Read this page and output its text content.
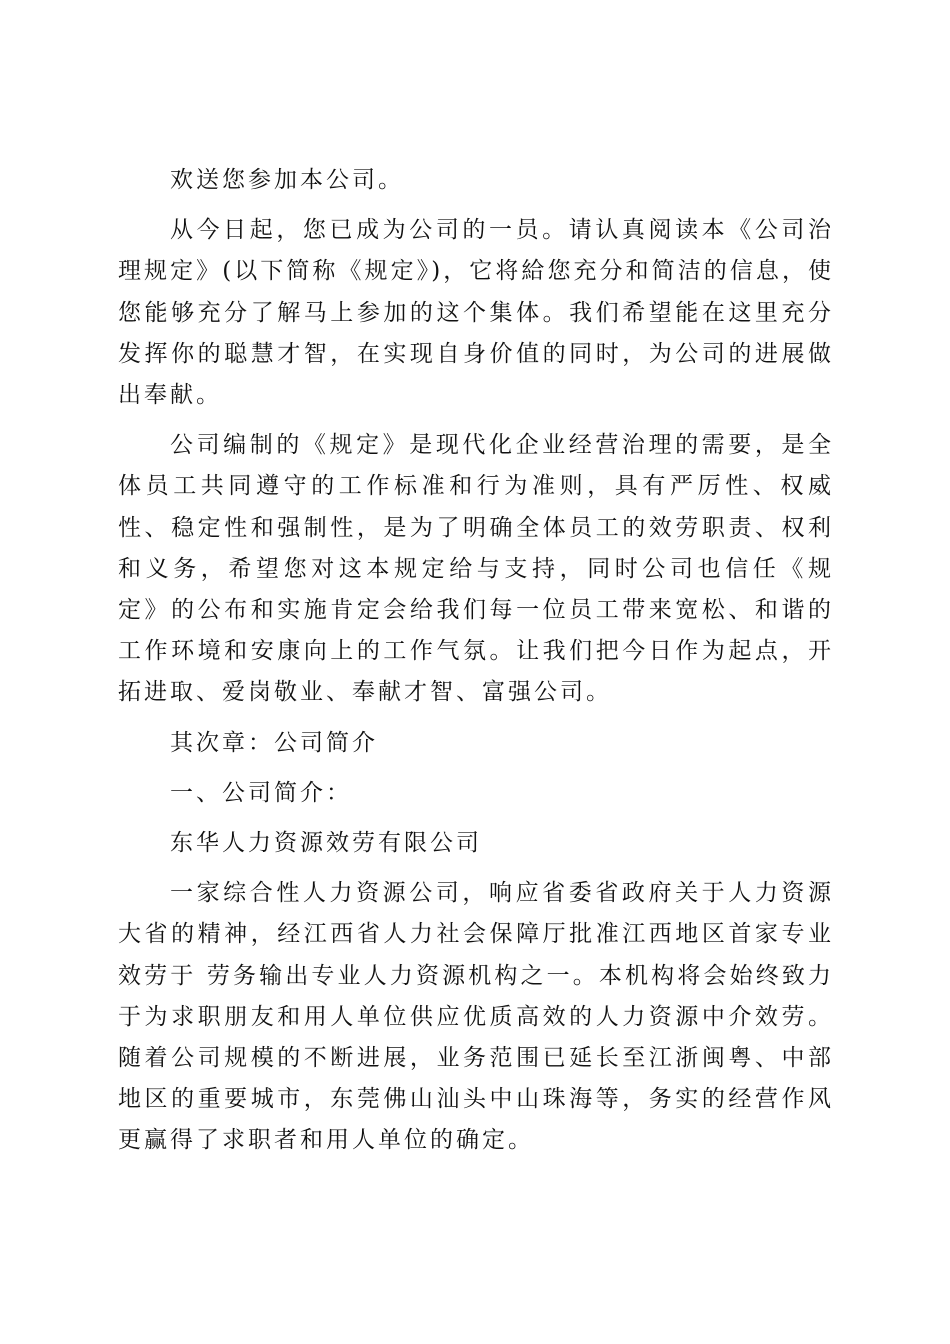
欢送您参加本公司。

从今日起，您已成为公司的一员。请认真阅读本《公司治理规定》(以下简称《规定》)，它将給您充分和简洁的信息，使您能够充分了解马上参加的这个集体。我们希望能在这里充分发挥你的聪慧才智，在实现自身价值的同时，为公司的进展做出奉献。

公司编制的《规定》是现代化企业经营治理的需要，是全体员工共同遵守的工作标准和行为准则，具有严厉性、权威性、稳定性和强制性，是为了明确全体员工的效劳职责、权利和义务，希望您对这本规定给与支持，同时公司也信任《规定》的公布和实施肯定会给我们每一位员工带来宽松、和谐的工作环境和安康向上的工作气氛。让我们把今日作为起点，开拓进取、爱岗敬业、奉献才智、富强公司。

其次章：公司简介

一、公司简介：

东华人力资源效劳有限公司

一家综合性人力资源公司，响应省委省政府关于人力资源大省的精神，经江西省人力社会保障厅批准江西地区首家专业效劳于 劳务输出专业人力资源机构之一。本机构将会始终致力于为求职朋友和用人单位供应优质高效的人力资源中介效劳。随着公司规模的不断进展，业务范围已延长至江浙闽粤、中部地区的重要城市，东莞佛山汕头中山珠海等，务实的经营作风更赢得了求职者和用人单位的确定。
